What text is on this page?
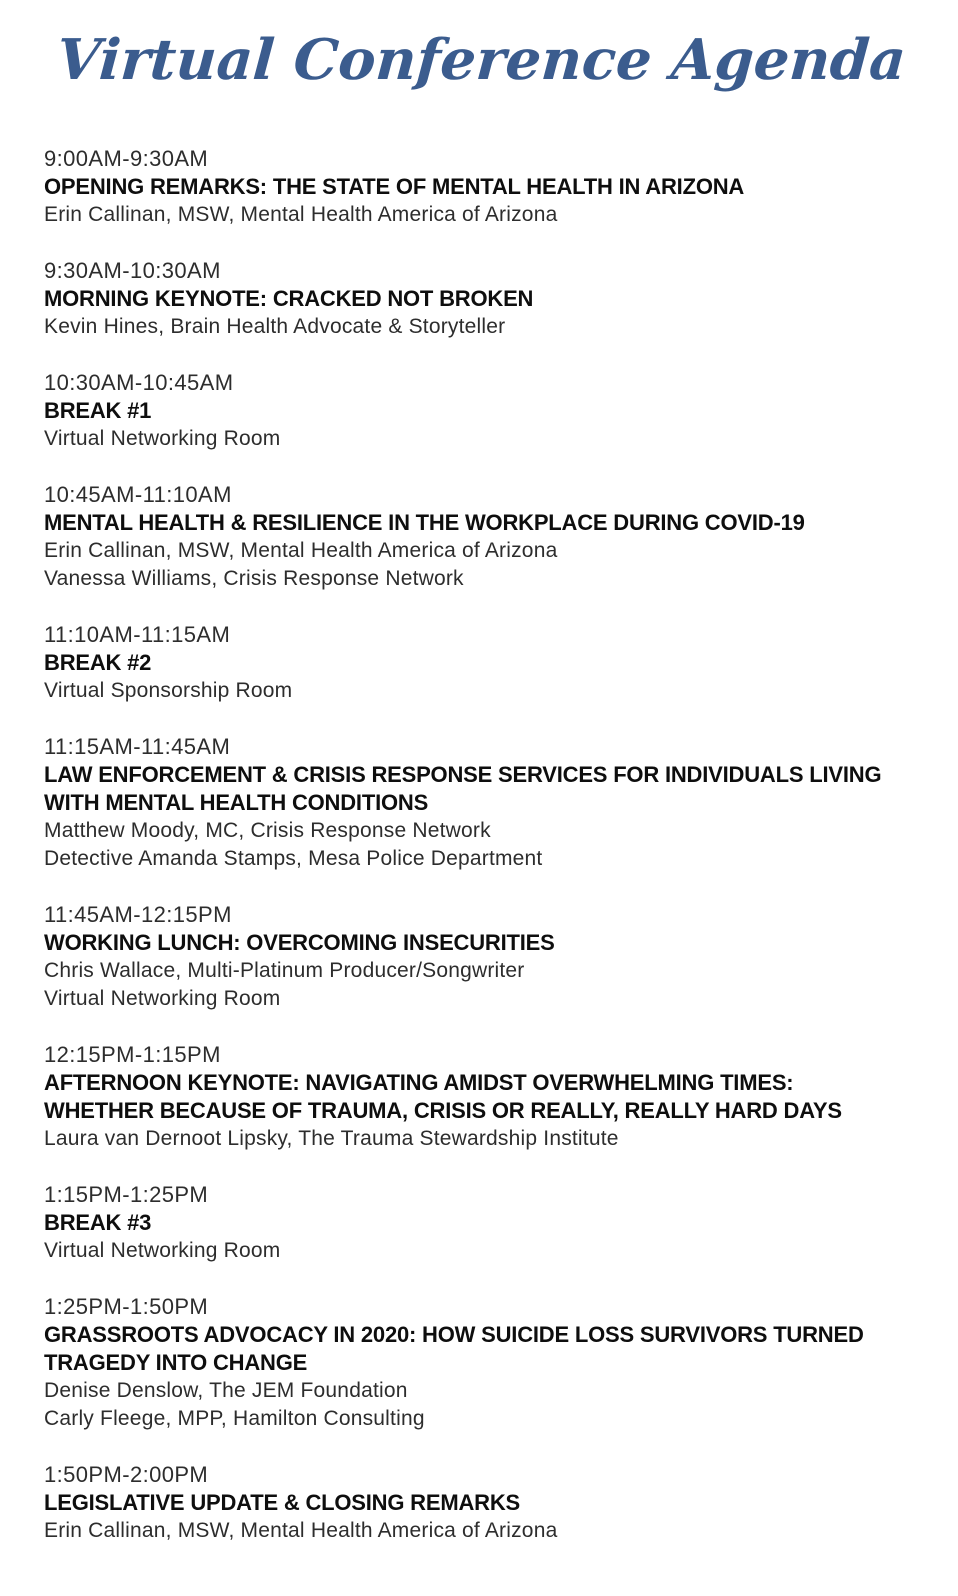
Virtual Conference Agenda
9:00AM-9:30AM
OPENING REMARKS: THE STATE OF MENTAL HEALTH IN ARIZONA
Erin Callinan, MSW, Mental Health America of Arizona
9:30AM-10:30AM
MORNING KEYNOTE: CRACKED NOT BROKEN
Kevin Hines, Brain Health Advocate & Storyteller
10:30AM-10:45AM
BREAK #1
Virtual Networking Room
10:45AM-11:10AM
MENTAL HEALTH & RESILIENCE IN THE WORKPLACE DURING COVID-19
Erin Callinan, MSW, Mental Health America of Arizona
Vanessa Williams, Crisis Response Network
11:10AM-11:15AM
BREAK #2
Virtual Sponsorship Room
11:15AM-11:45AM
LAW ENFORCEMENT & CRISIS RESPONSE SERVICES FOR INDIVIDUALS LIVING
WITH MENTAL HEALTH CONDITIONS
Matthew Moody, MC, Crisis Response Network
Detective Amanda Stamps, Mesa Police Department
11:45AM-12:15PM
WORKING LUNCH: OVERCOMING INSECURITIES
Chris Wallace, Multi-Platinum Producer/Songwriter
Virtual Networking Room
12:15PM-1:15PM
AFTERNOON KEYNOTE: NAVIGATING AMIDST OVERWHELMING TIMES:
WHETHER BECAUSE OF TRAUMA, CRISIS OR REALLY, REALLY HARD DAYS
Laura van Dernoot Lipsky, The Trauma Stewardship Institute
1:15PM-1:25PM
BREAK #3
Virtual Networking Room
1:25PM-1:50PM
GRASSROOTS ADVOCACY IN 2020: HOW SUICIDE LOSS SURVIVORS TURNED
TRAGEDY INTO CHANGE
Denise Denslow, The JEM Foundation
Carly Fleege, MPP, Hamilton Consulting
1:50PM-2:00PM
LEGISLATIVE UPDATE & CLOSING REMARKS
Erin Callinan, MSW, Mental Health America of Arizona
